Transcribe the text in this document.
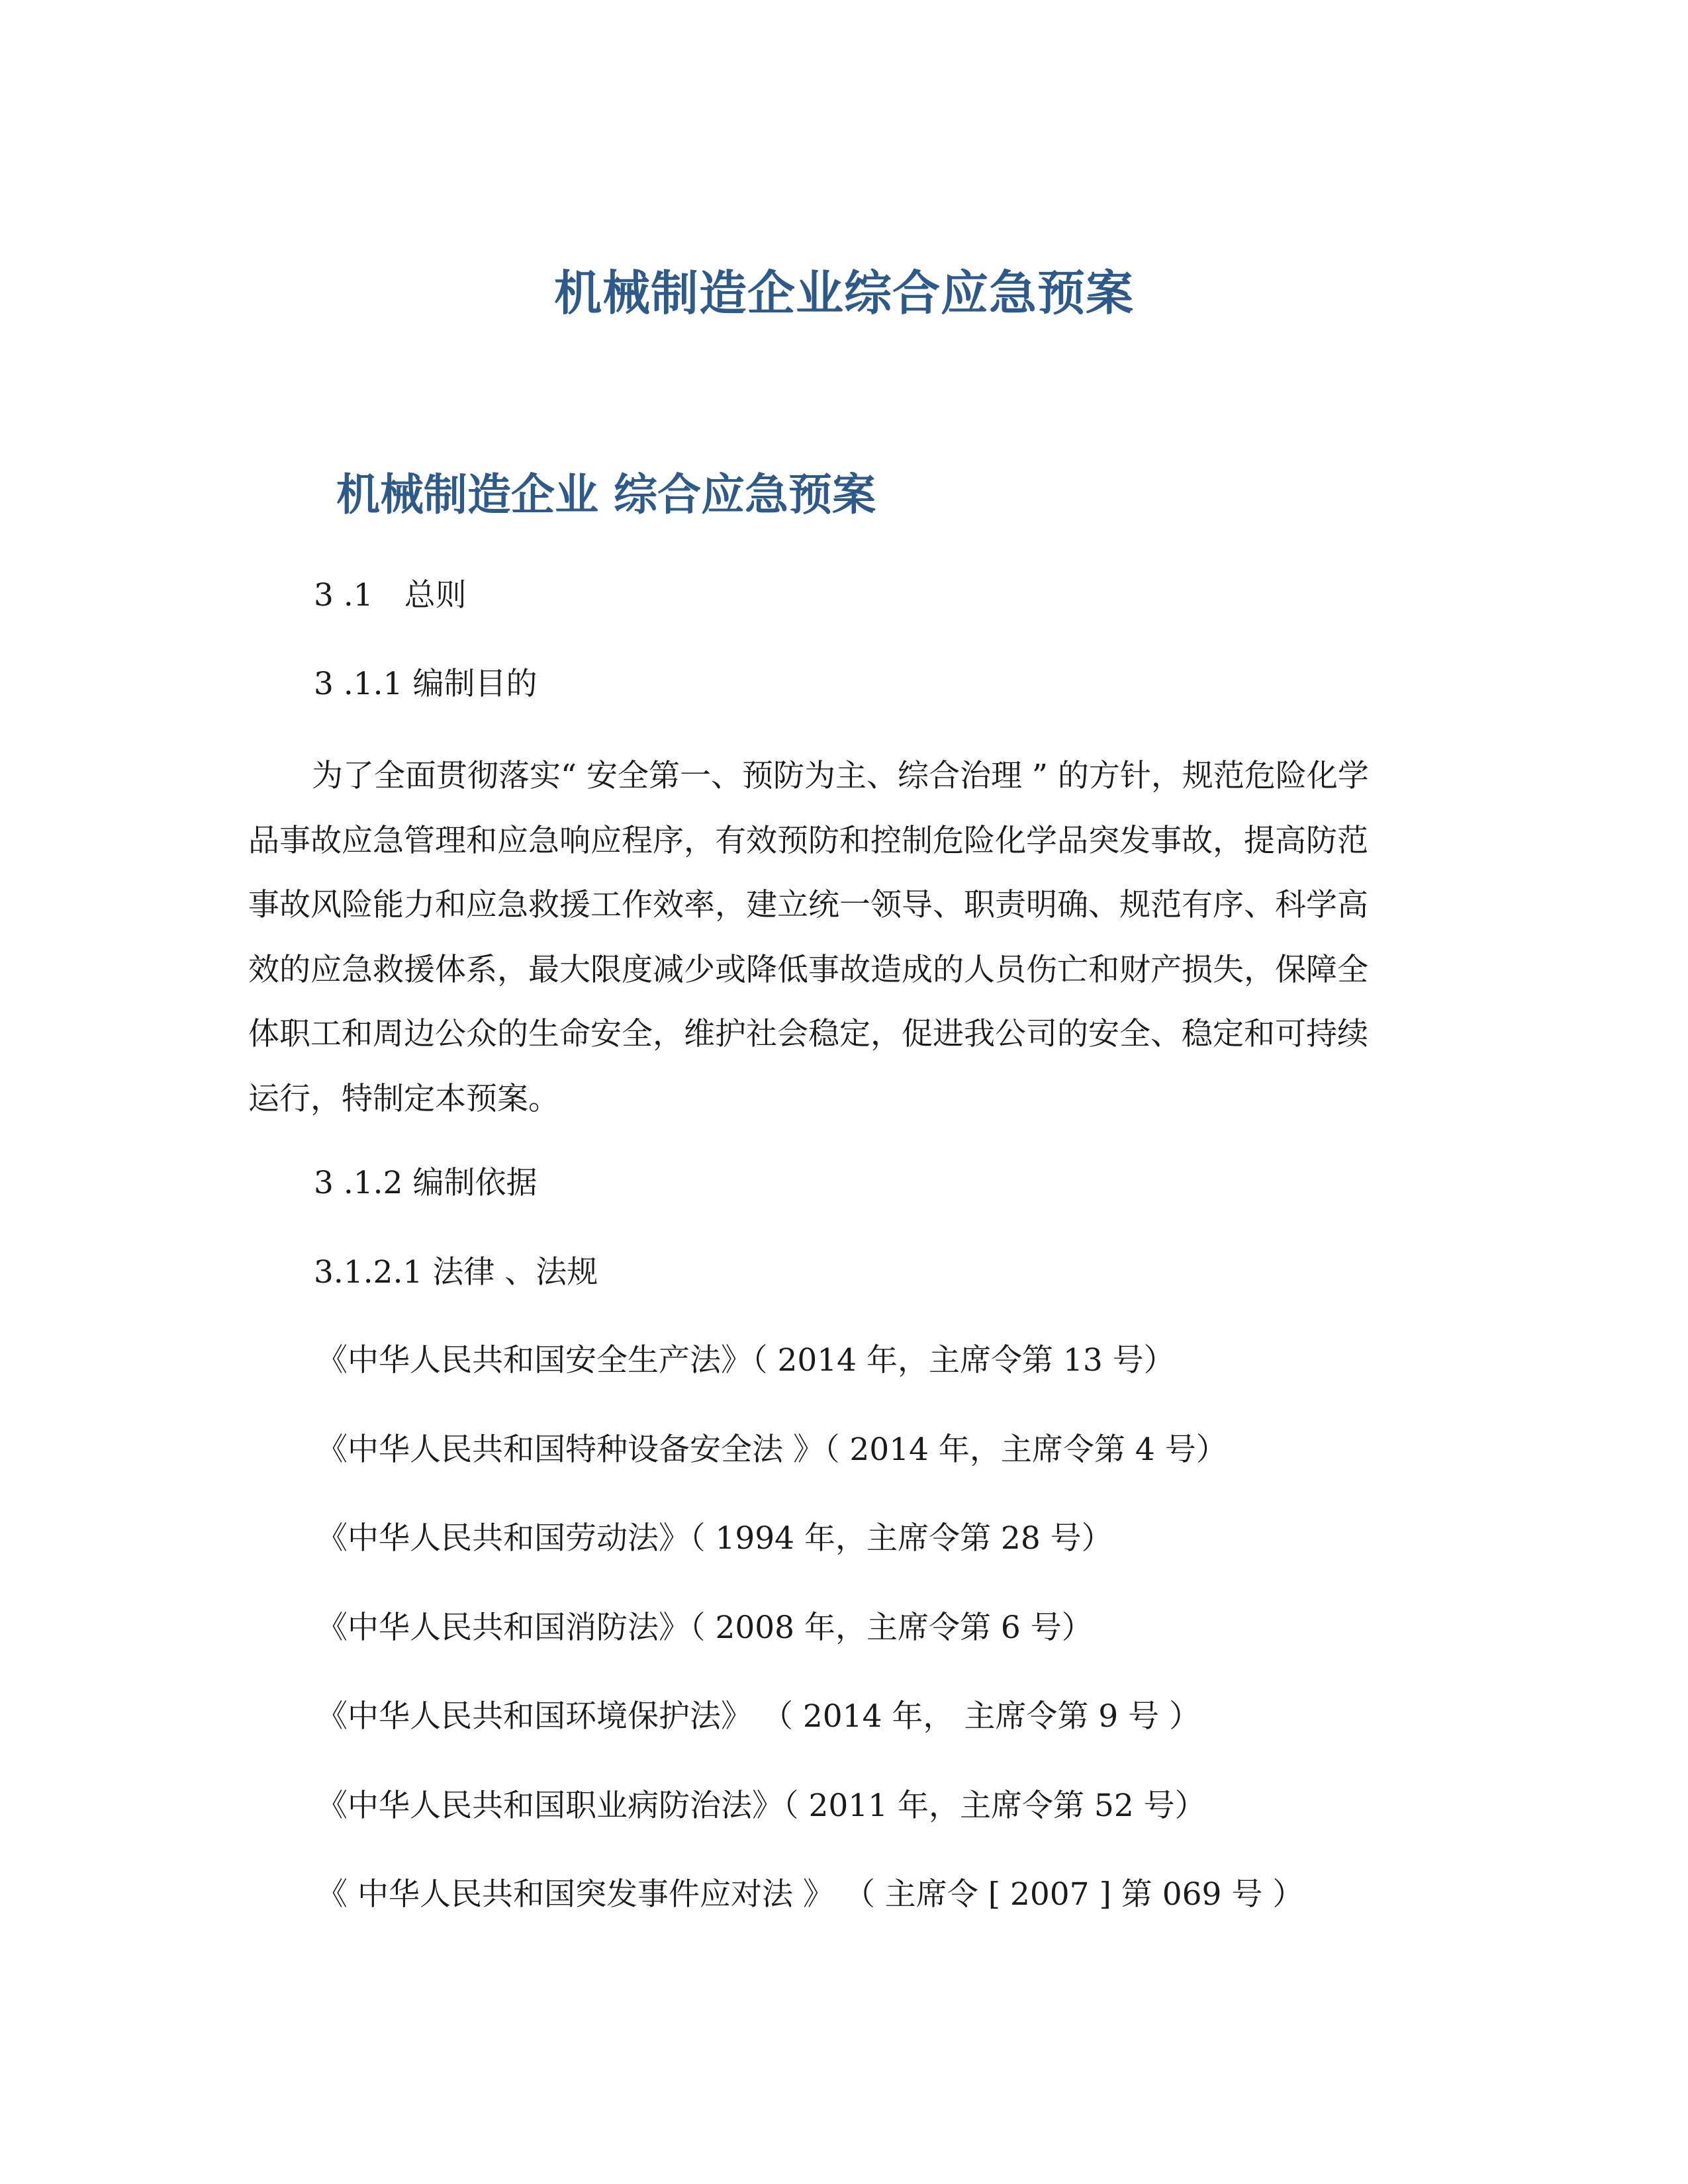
机械制造企业综合应急预案
机械制造企业 综合应急预案
3 .1　总则
3 .1.1 编制目的
为了全面贯彻落实“ 安全第一、预防为主、综合治理 ” 的方针，规范危险化学
品事故应急管理和应急响应程序，有效预防和控制危险化学品突发事故，提高防范
事故风险能力和应急救援工作效率，建立统一领导、职责明确、规范有序、科学高
效的应急救援体系，最大限度减少或降低事故造成的人员伤亡和财产损失，保障全
体职工和周边公众的生命安全，维护社会稳定，促进我公司的安全、稳定和可持续
运行，特制定本预案。
3 .1.2 编制依据
3.1.2.1 法律 、法规
《中华人民共和国安全生产法》（ 2014 年，主席令第 13 号）
《中华人民共和国特种设备安全法 》（ 2014 年，主席令第 4 号）
《中华人民共和国劳动法》（ 1994 年，主席令第 28 号）
《中华人民共和国消防法》（ 2008 年，主席令第 6 号）
《中华人民共和国环境保护法》 （ 2014 年， 主席令第 9 号 ）
《中华人民共和国职业病防治法》（ 2011 年，主席令第 52 号）
《 中华人民共和国突发事件应对法 》 （ 主席令 [ 2007 ] 第 069 号 ）
